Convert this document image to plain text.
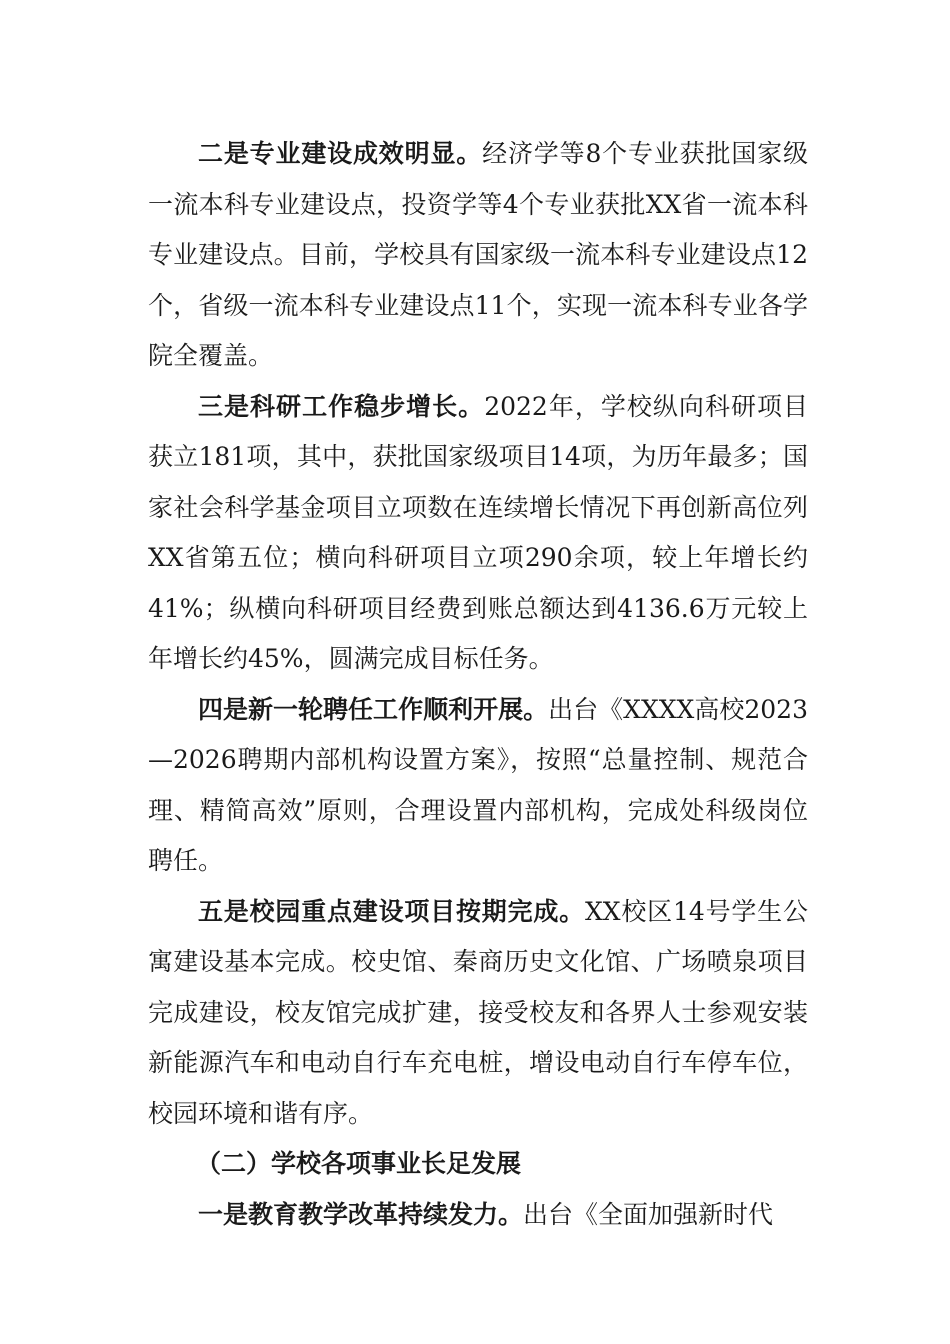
二是专业建设成效明显。经济学等8个专业获批国家级一流本科专业建设点，投资学等4个专业获批XX省一流本科专业建设点。目前，学校具有国家级一流本科专业建设点12个，省级一流本科专业建设点11个，实现一流本科专业各学院全覆盖。

三是科研工作稳步增长。2022年，学校纵向科研项目获立181项，其中，获批国家级项目14项，为历年最多；国家社会科学基金项目立项数在连续增长情况下再创新高位列XX省第五位；横向科研项目立项290余项，较上年增长约41%；纵横向科研项目经费到账总额达到4136.6万元较上年增长约45%，圆满完成目标任务。

四是新一轮聘任工作顺利开展。出台《XXXX高校2023—2026聘期内部机构设置方案》，按照“总量控制、规范合理、精简高效”原则，合理设置内部机构，完成处科级岗位聘任。

五是校园重点建设项目按期完成。XX校区14号学生公寓建设基本完成。校史馆、秦商历史文化馆、广场喷泉项目完成建设，校友馆完成扩建，接受校友和各界人士参观安装新能源汽车和电动自行车充电桩，增设电动自行车停车位，校园环境和谐有序。

（二）学校各项事业长足发展

一是教育教学改革持续发力。出台《全面加强新时代
